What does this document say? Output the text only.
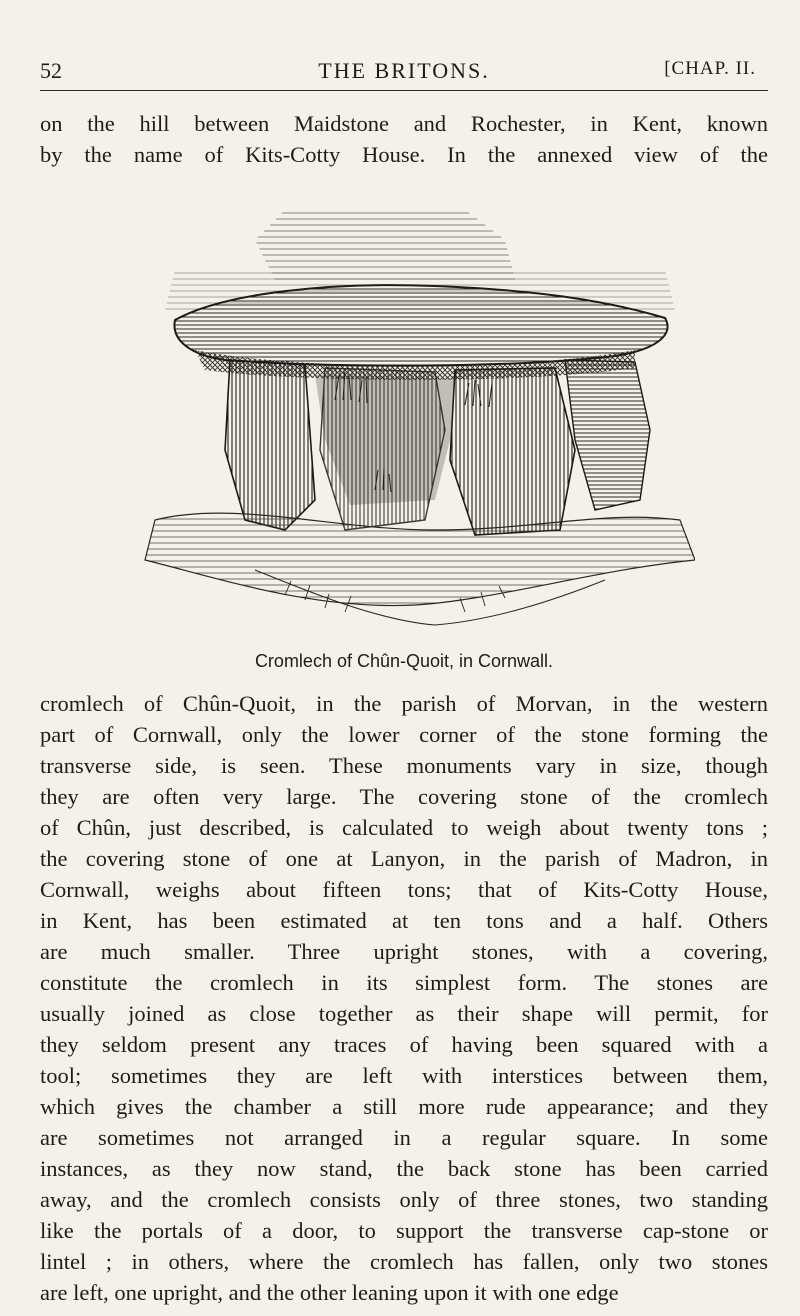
52	THE BRITONS.	[CHAP. II.

on the hill between Maidstone and Rochester, in Kent, known
by the name of Kits-Cotty House. In the annexed view of the

Cromlech of Chûn-Quoit, in Cornwall.

cromlech of Chûn-Quoit, in the parish of Morvan, in the western
part of Cornwall, only the lower corner of the stone forming the
transverse side, is seen. These monuments vary in size, though
they are often very large. The covering stone of the cromlech
of Chûn, just described, is calculated to weigh about twenty tons ;
the covering stone of one at Lanyon, in the parish of Madron, in
Cornwall, weighs about fifteen tons; that of Kits-Cotty House,
in Kent, has been estimated at ten tons and a half. Others
are much smaller. Three upright stones, with a covering,
constitute the cromlech in its simplest form. The stones are
usually joined as close together as their shape will permit, for
they seldom present any traces of having been squared with a
tool; sometimes they are left with interstices between them,
which gives the chamber a still more rude appearance; and they
are sometimes not arranged in a regular square. In some
instances, as they now stand, the back stone has been carried
away, and the cromlech consists only of three stones, two standing
like the portals of a door, to support the transverse cap-stone or
lintel ; in others, where the cromlech has fallen, only two stones
are left, one upright, and the other leaning upon it with one edge
